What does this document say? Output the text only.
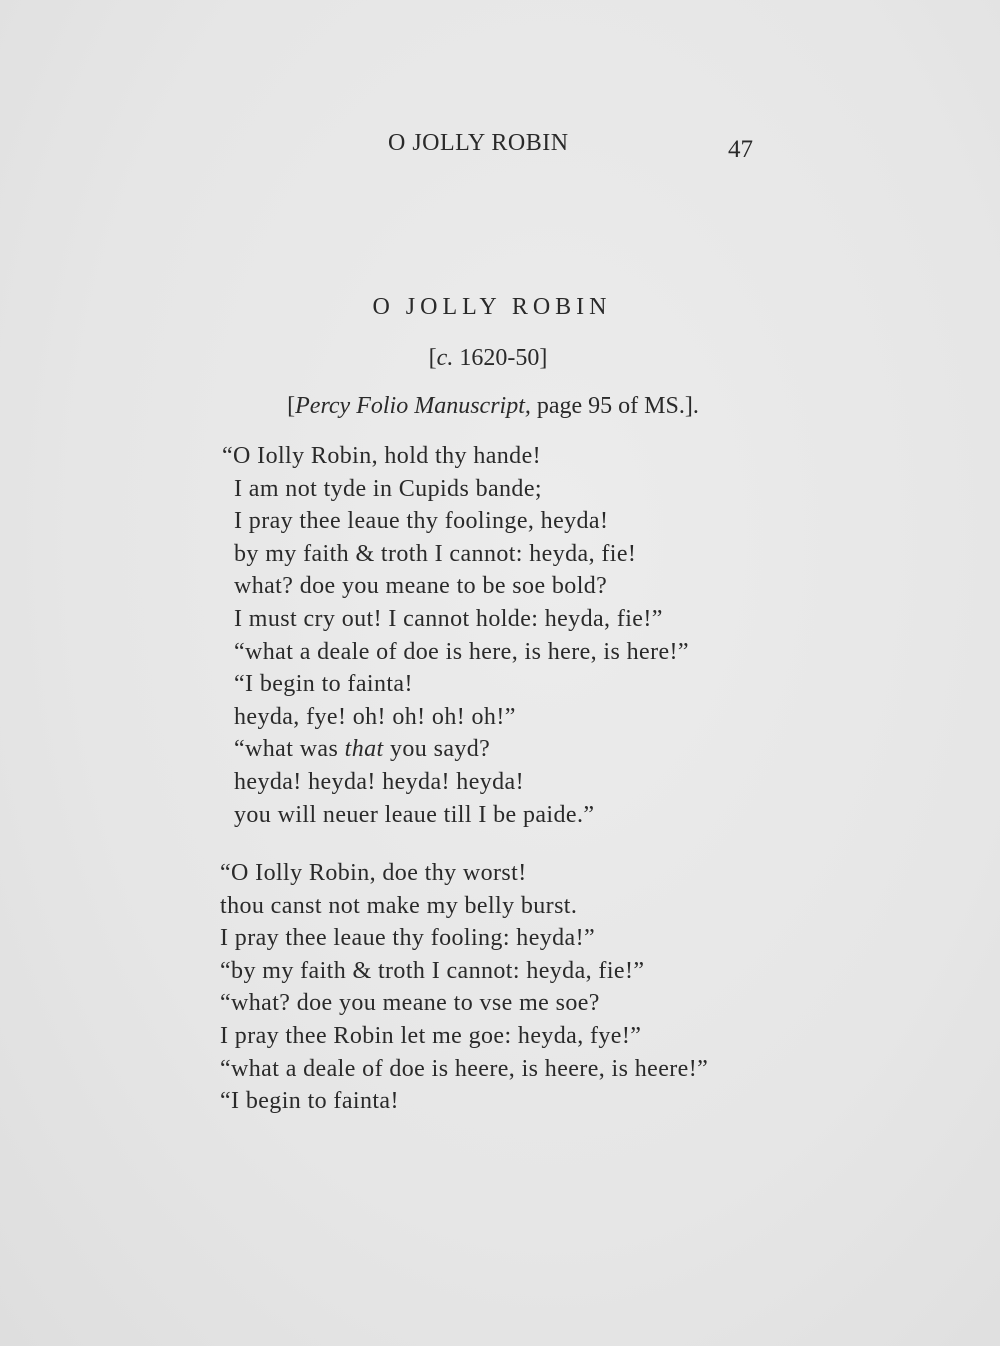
O JOLLY ROBIN	47
O JOLLY ROBIN
[c. 1620-50]
[Percy Folio Manuscript, page 95 of MS.].
“O Iolly Robin, hold thy hande!
I am not tyde in Cupids bande;
I pray thee leaue thy foolinge, heyda!
by my faith & troth I cannot: heyda, fie!
what? doe you meane to be soe bold?
I must cry out! I cannot holde: heyda, fie!”
“what a deale of doe is here, is here, is here!”
“I begin to fainta!
heyda, fye! oh! oh! oh! oh!”
“what was that you sayd?
heyda! heyda! heyda! heyda!
you will neuer leaue till I be paide.”
“O Iolly Robin, doe thy worst!
thou canst not make my belly burst.
I pray thee leaue thy fooling: heyda!”
“by my faith & troth I cannot: heyda, fie!”
“what? doe you meane to vse me soe?
I pray thee Robin let me goe: heyda, fye!”
“what a deale of doe is heere, is heere, is heere!”
“I begin to fainta!
